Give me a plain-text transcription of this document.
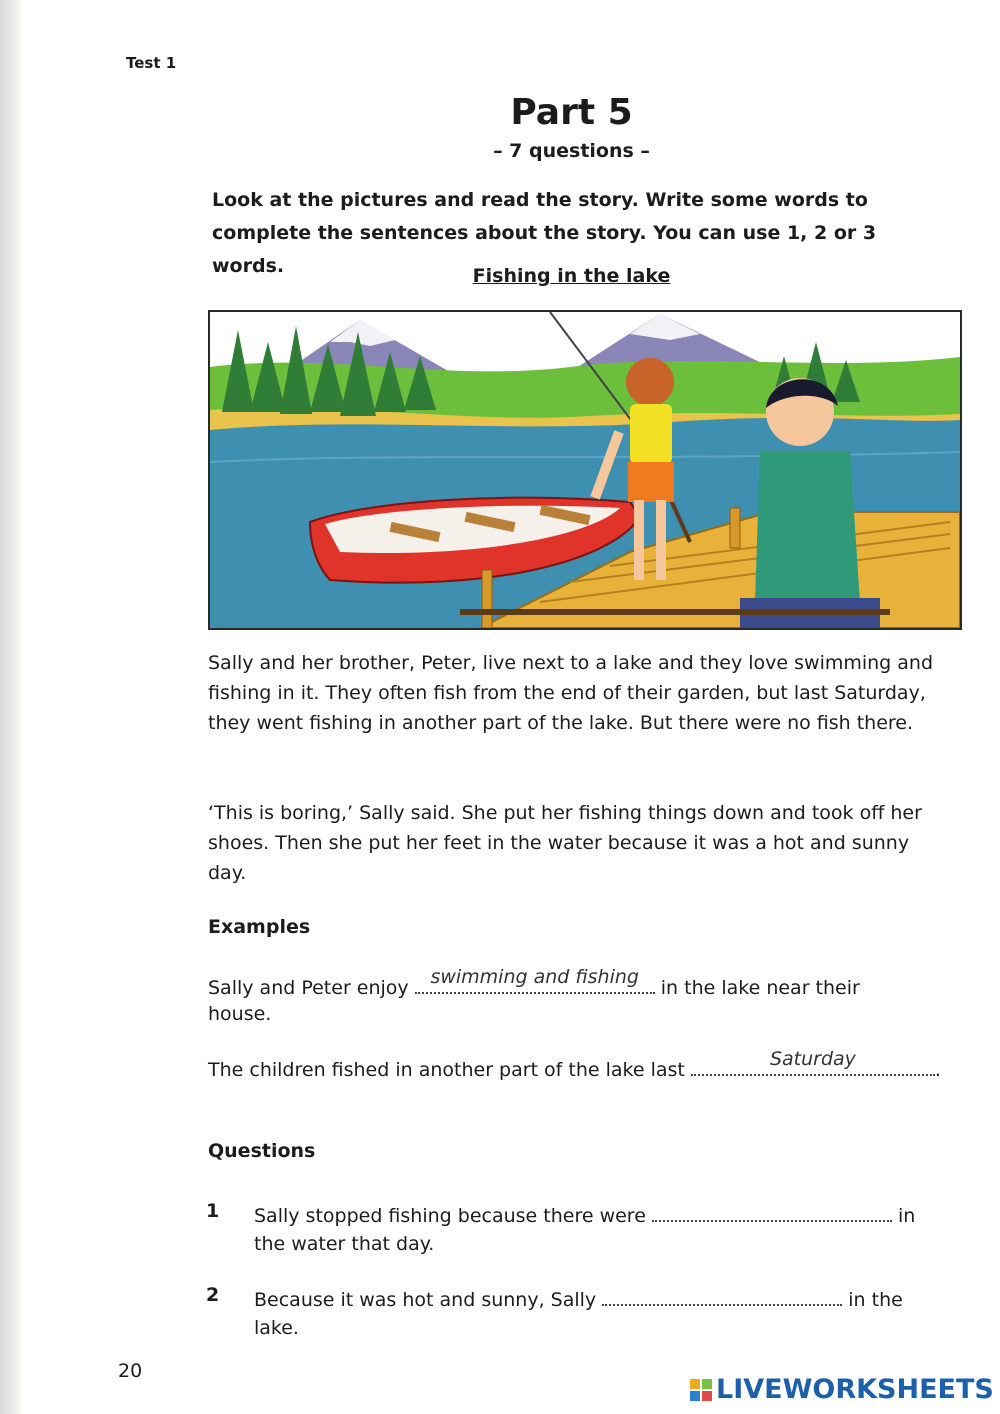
Test 1
Part 5
– 7 questions –
Look at the pictures and read the story. Write some words to complete the sentences about the story. You can use 1, 2 or 3 words.	Fishing in the lake

Sally and her brother, Peter, live next to a lake and they love swimming and fishing in it. They often fish from the end of their garden, but last Saturday, they went fishing in another part of the lake. But there were no fish there.

‘This is boring,’ Sally said. She put her fishing things down and took off her shoes. Then she put her feet in the water because it was a hot and sunny day.

Examples
Sally and Peter enjoy	swimming and fishing	in the lake near their
house.
The children fished in another part of the lake last	Saturday	.
Questions
1 Sally stopped fishing because there were	in
the water that day.
2 Because it was hot and sunny, Sally	in the
lake.
20
LIVEWORKSHEETS
